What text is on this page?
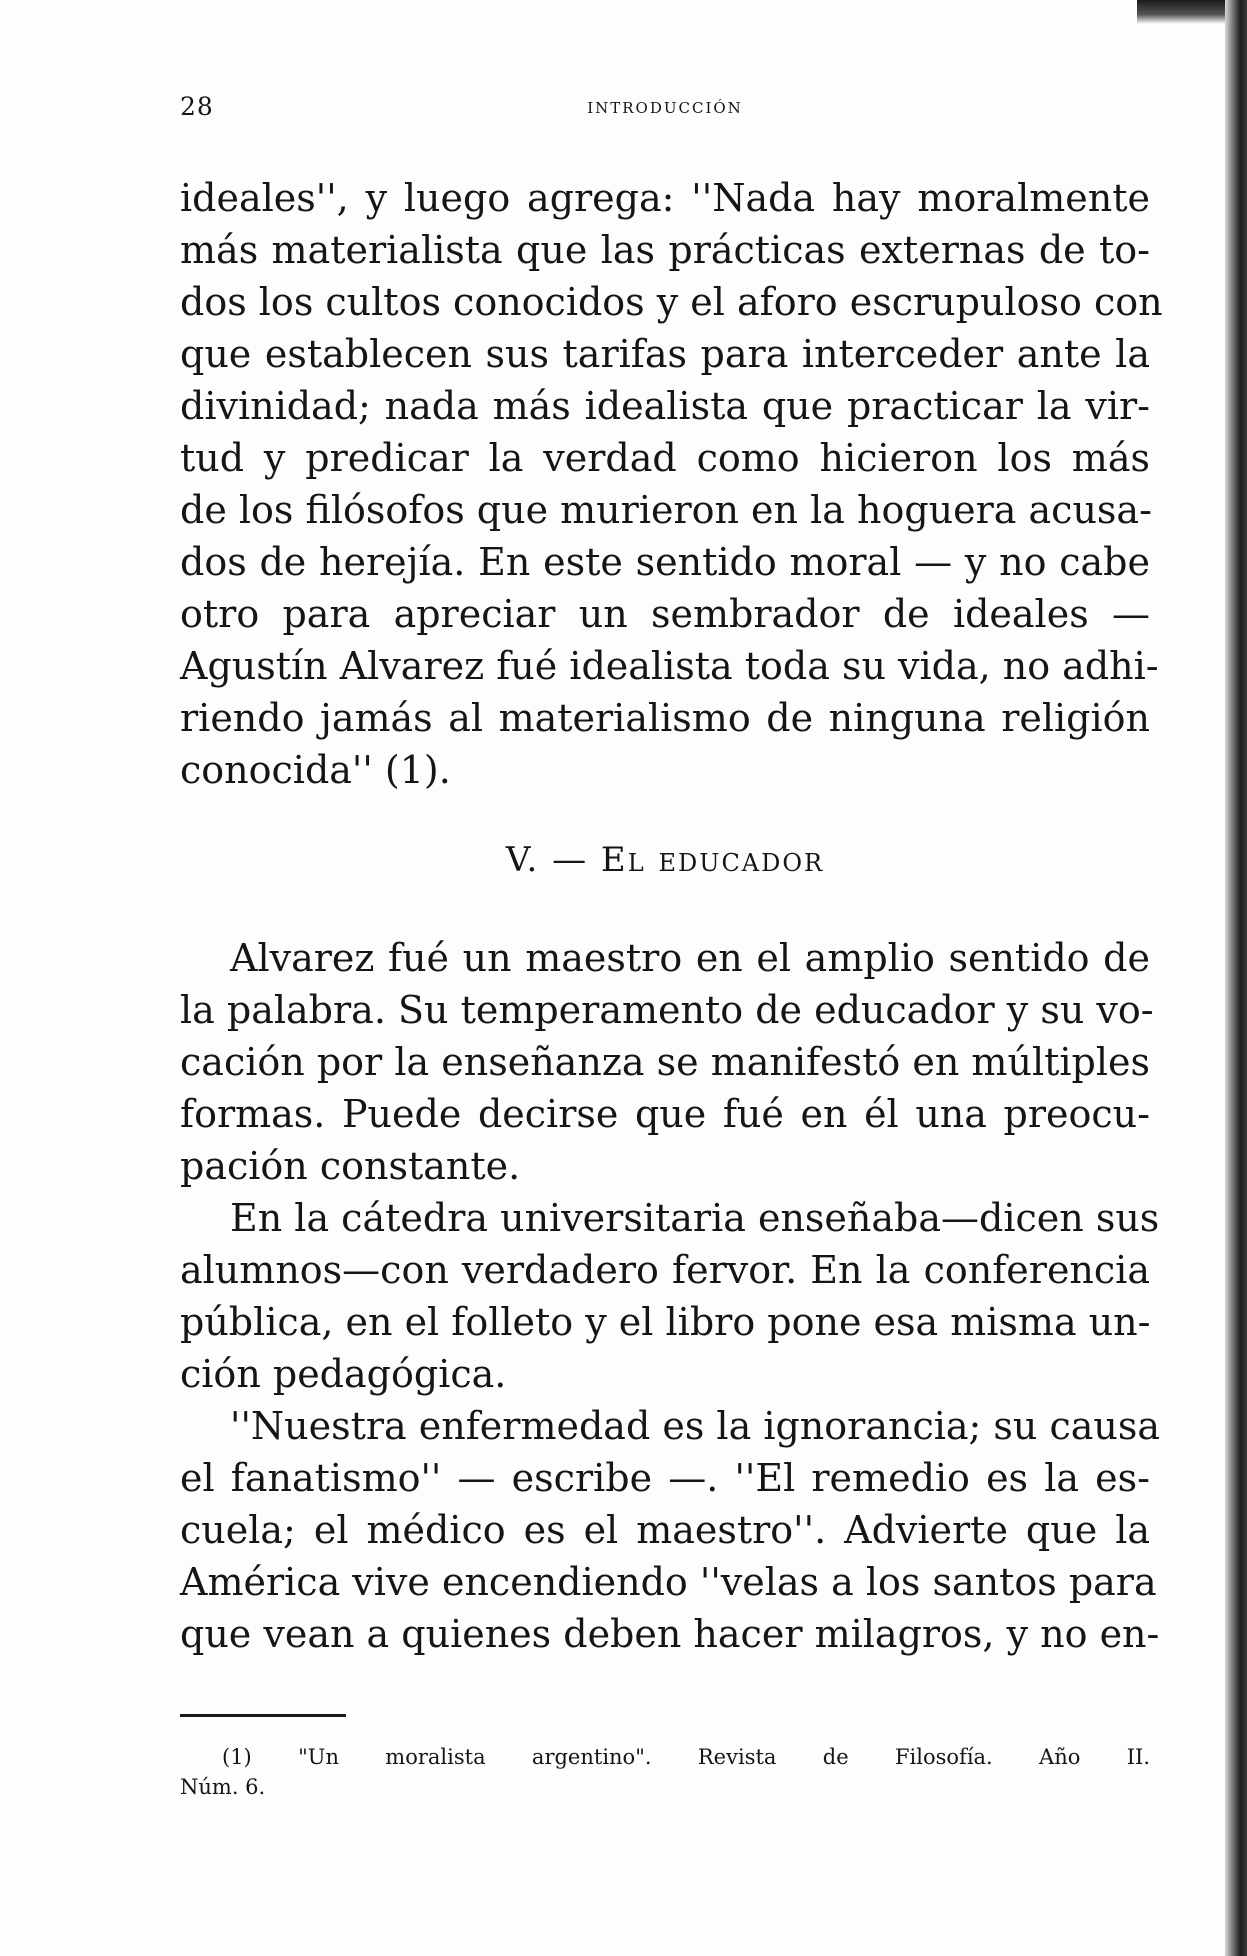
28	introducción
ideales'', y luego agrega: ''Nada hay moralmente
más materialista que las prácticas externas de to-
dos los cultos conocidos y el aforo escrupuloso con
que establecen sus tarifas para interceder ante la
divinidad; nada más idealista que practicar la vir-
tud y predicar la verdad como hicieron los más
de los filósofos que murieron en la hoguera acusa-
dos de herejía. En este sentido moral — y no cabe
otro para apreciar un sembrador de ideales —
Agustín Alvarez fué idealista toda su vida, no adhi-
riendo jamás al materialismo de ninguna religión
conocida'' (1).
V. — El educador
Alvarez fué un maestro en el amplio sentido de
la palabra. Su temperamento de educador y su vo-
cación por la enseñanza se manifestó en múltiples
formas. Puede decirse que fué en él una preocu-
pación constante.
En la cátedra universitaria enseñaba—dicen sus
alumnos—con verdadero fervor. En la conferencia
pública, en el folleto y el libro pone esa misma un-
ción pedagógica.
''Nuestra enfermedad es la ignorancia; su causa
el fanatismo'' — escribe —. ''El remedio es la es-
cuela; el médico es el maestro''. Advierte que la
América vive encendiendo ''velas a los santos para
que vean a quienes deben hacer milagros, y no en-
(1) "Un moralista argentino". Revista de Filosofía. Año II.
Núm. 6.
